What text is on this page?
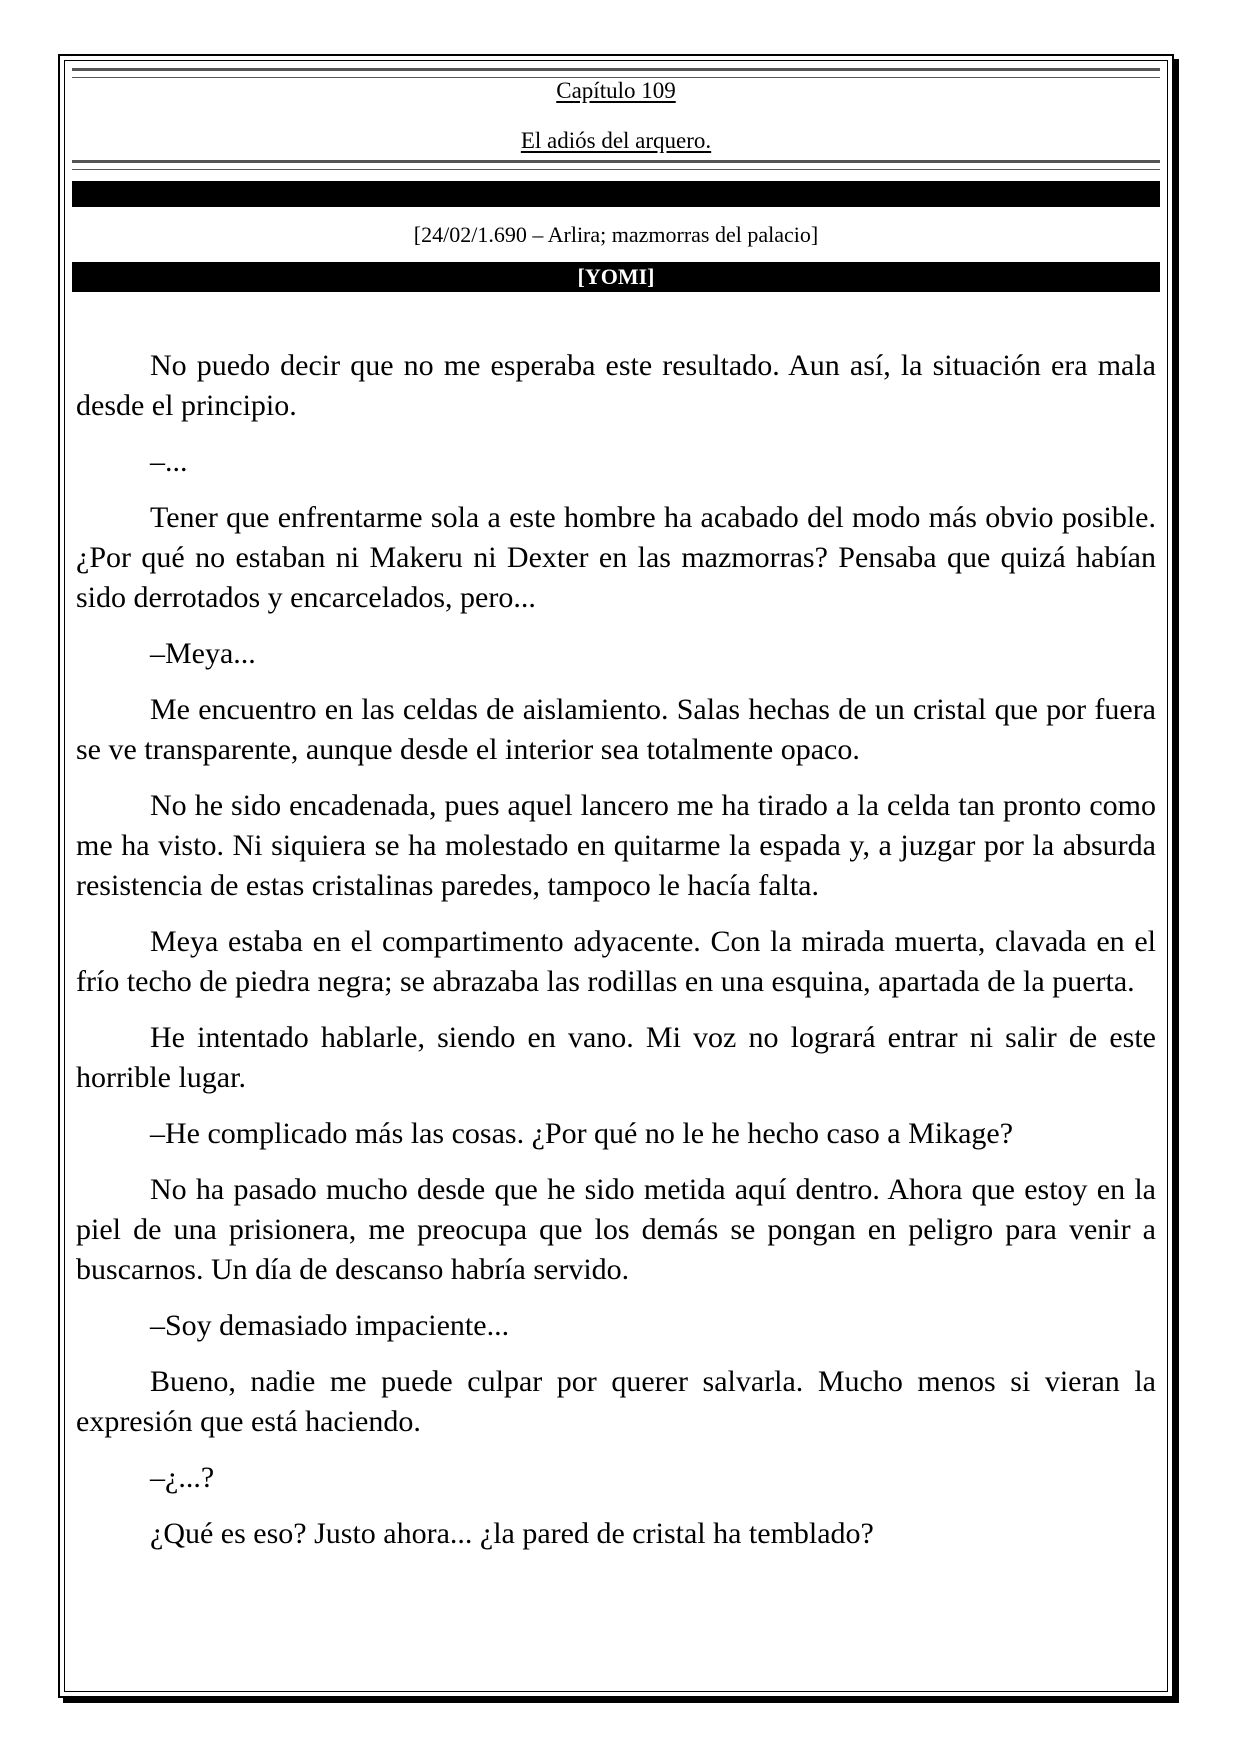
Capítulo 109
El adiós del arquero.
[24/02/1.690 – Arlira; mazmorras del palacio]
[YOMI]

No puedo decir que no me esperaba este resultado. Aun así, la situación era mala desde el principio.

–...

Tener que enfrentarme sola a este hombre ha acabado del modo más obvio posible. ¿Por qué no estaban ni Makeru ni Dexter en las mazmorras? Pensaba que quizá habían sido derrotados y encarcelados, pero...

–Meya...

Me encuentro en las celdas de aislamiento. Salas hechas de un cristal que por fuera se ve transparente, aunque desde el interior sea totalmente opaco.

No he sido encadenada, pues aquel lancero me ha tirado a la celda tan pronto como me ha visto. Ni siquiera se ha molestado en quitarme la espada y, a juzgar por la absurda resistencia de estas cristalinas paredes, tampoco le hacía falta.

Meya estaba en el compartimento adyacente. Con la mirada muerta, clavada en el frío techo de piedra negra; se abrazaba las rodillas en una esquina, apartada de la puerta.

He intentado hablarle, siendo en vano. Mi voz no logrará entrar ni salir de este horrible lugar.

–He complicado más las cosas. ¿Por qué no le he hecho caso a Mikage?

No ha pasado mucho desde que he sido metida aquí dentro. Ahora que estoy en la piel de una prisionera, me preocupa que los demás se pongan en peligro para venir a buscarnos. Un día de descanso habría servido.

–Soy demasiado impaciente...

Bueno, nadie me puede culpar por querer salvarla. Mucho menos si vieran la expresión que está haciendo.

–¿...?

¿Qué es eso? Justo ahora... ¿la pared de cristal ha temblado?
